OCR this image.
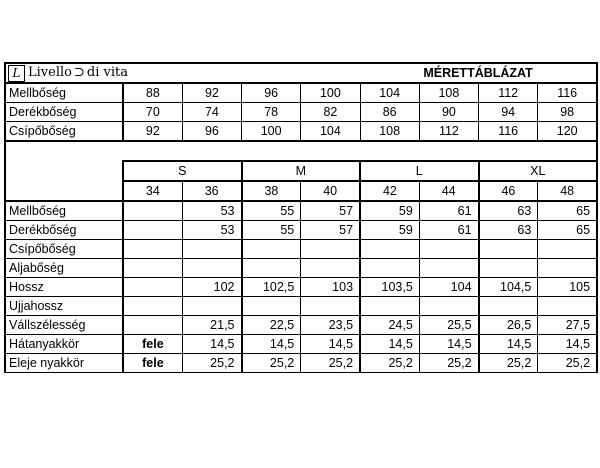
L Livello ⊃ di vita					MÉRETTÁBLÁZAT			
Mellbőség	88	92	96	100	104	108	112	116
Derékbőség	70	74	78	82	86	90	94	98
Csípőbőség	92	96	100	104	108	112	116	120

	S		M		L		XL	
	34	36	38	40	42	44	46	48
Mellbőség		53	55	57	59	61	63	65
Derékbőség		53	55	57	59	61	63	65
Csípőbőség								
Aljabőség								
Hossz		102	102,5	103	103,5	104	104,5	105
Ujjahossz								
Vállszélesség		21,5	22,5	23,5	24,5	25,5	26,5	27,5
Hátanyakkör	fele	14,5	14,5	14,5	14,5	14,5	14,5	14,5
Eleje nyakkör	fele	25,2	25,2	25,2	25,2	25,2	25,2	25,2
